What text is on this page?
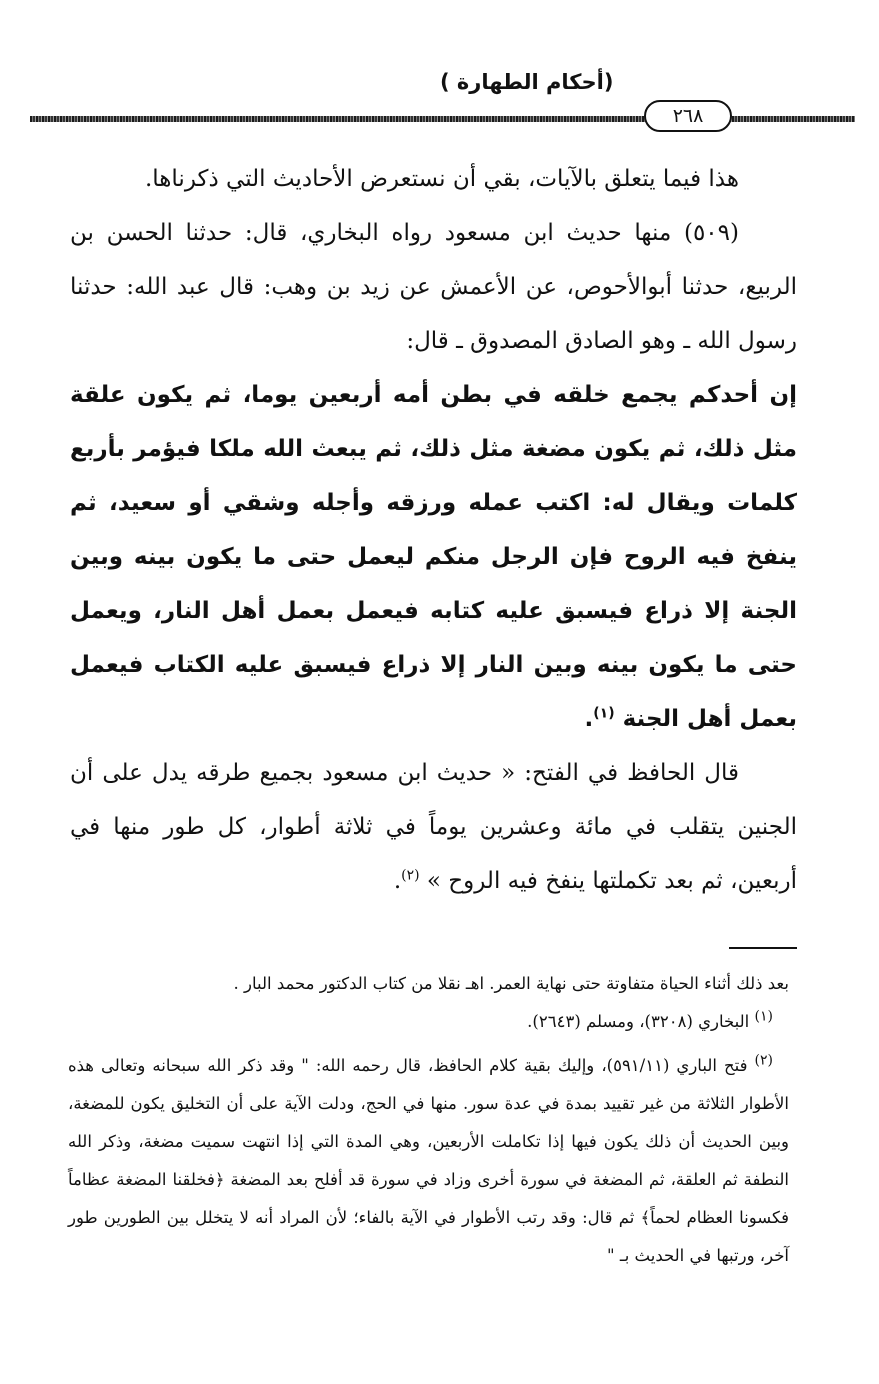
(أحكام الطهارة )
٢٦٨

هذا فيما يتعلق بالآيات، بقي أن نستعرض الأحاديث التي ذكرناها.

(٥٠٩) منها حديث ابن مسعود رواه البخاري، قال: حدثنا الحسن بن الربيع، حدثنا أبوالأحوص، عن الأعمش عن زيد بن وهب: قال عبد الله: حدثنا رسول الله ـ وهو الصادق المصدوق ـ قال:

إن أحدكم يجمع خلقه في بطن أمه أربعين يوما، ثم يكون علقة مثل ذلك، ثم يكون مضغة مثل ذلك، ثم يبعث الله ملكا فيؤمر بأربع كلمات ويقال له: اكتب عمله ورزقه وأجله وشقي أو سعيد، ثم ينفخ فيه الروح فإن الرجل منكم ليعمل حتى ما يكون بينه وبين الجنة إلا ذراع فيسبق عليه كتابه فيعمل بعمل أهل النار، ويعمل حتى ما يكون بينه وبين النار إلا ذراع فيسبق عليه الكتاب فيعمل بعمل أهل الجنة $^{(١)}$.

قال الحافظ في الفتح: « حديث ابن مسعود بجميع طرقه يدل على أن الجنين يتقلب في مائة وعشرين يوماً في ثلاثة أطوار، كل طور منها في أربعين، ثم بعد تكملتها ينفخ فيه الروح » $^{(٢)}$.

بعد ذلك أثناء الحياة متفاوتة حتى نهاية العمر. اهـ نقلا من كتاب الدكتور محمد البار .

$^{(١)}$ البخاري (٣٢٠٨)، ومسلم (٢٦٤٣).

$^{(٢)}$ فتح الباري (٥٩١/١١)، وإليك بقية كلام الحافظ، قال رحمه الله: " وقد ذكر الله سبحانه وتعالى هذه الأطوار الثلاثة من غير تقييد بمدة في عدة سور. منها في الحج، ودلت الآية على أن التخليق يكون للمضغة، وبين الحديث أن ذلك يكون فيها إذا تكاملت الأربعين، وهي المدة التي إذا انتهت سميت مضغة، وذكر الله النطفة ثم العلقة، ثم المضغة في سورة أخرى وزاد في سورة قد أفلح بعد المضغة ﴿فخلقنا المضغة عظاماً فكسونا العظام لحماً﴾ ثم قال: وقد رتب الأطوار في الآية بالفاء؛ لأن المراد أنه لا يتخلل بين الطورين طور آخر، ورتبها في الحديث بـ "
